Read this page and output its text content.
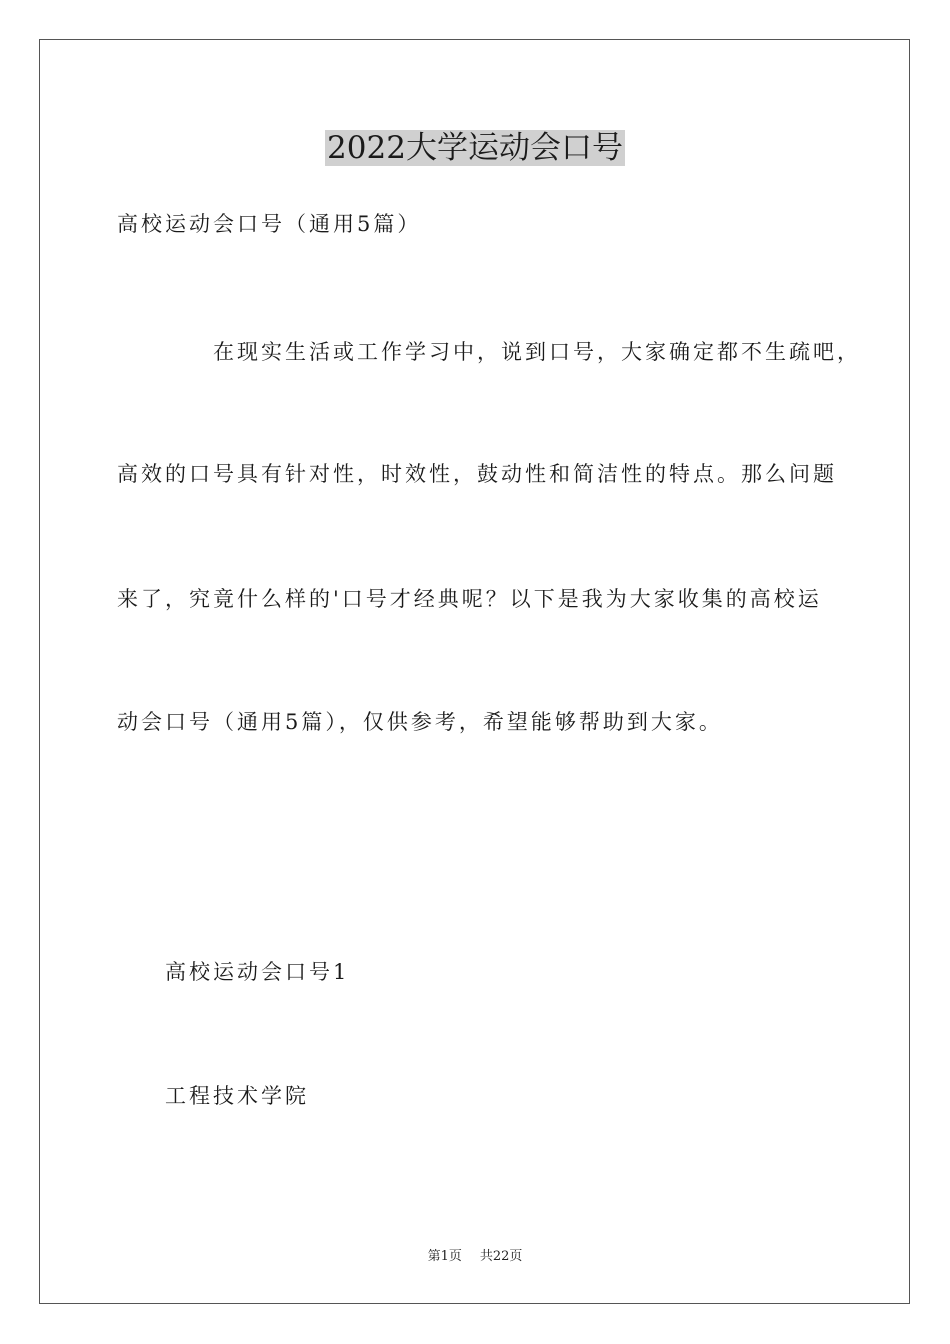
2022大学运动会口号
高校运动会口号（通用5篇）
在现实生活或工作学习中，说到口号，大家确定都不生疏吧，
高效的口号具有针对性，时效性，鼓动性和简洁性的特点。那么问题
来了，究竟什么样的'口号才经典呢？以下是我为大家收集的高校运
动会口号（通用5篇），仅供参考，希望能够帮助到大家。
高校运动会口号1
工程技术学院
第1页 共22页
